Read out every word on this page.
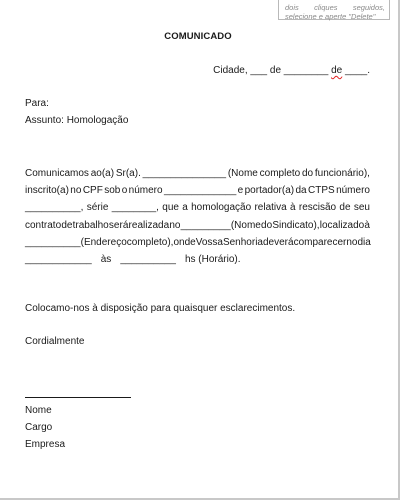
dois cliques seguidos,
selecione e aperte "Delete"
COMUNICADO
Cidade, ___ de ________ de ____.
Para:
Assunto: Homologação
Comunicamos ao(a) Sr(a). _______________ (Nome completo do funcionário),
inscrito(a) no CPF sob o número _____________ e portador(a) da CTPS número
__________, série ________, que a homologação relativa à rescisão de seu
contrato de trabalho será realizada no _________ (Nome do Sindicato), localizado à
__________ (Endereço completo), onde Vossa Senhoria deverá comparecer no dia
____________ às __________ hs (Horário).
Colocamo-nos à disposição para quaisquer esclarecimentos.
Cordialmente
Nome
Cargo
Empresa
